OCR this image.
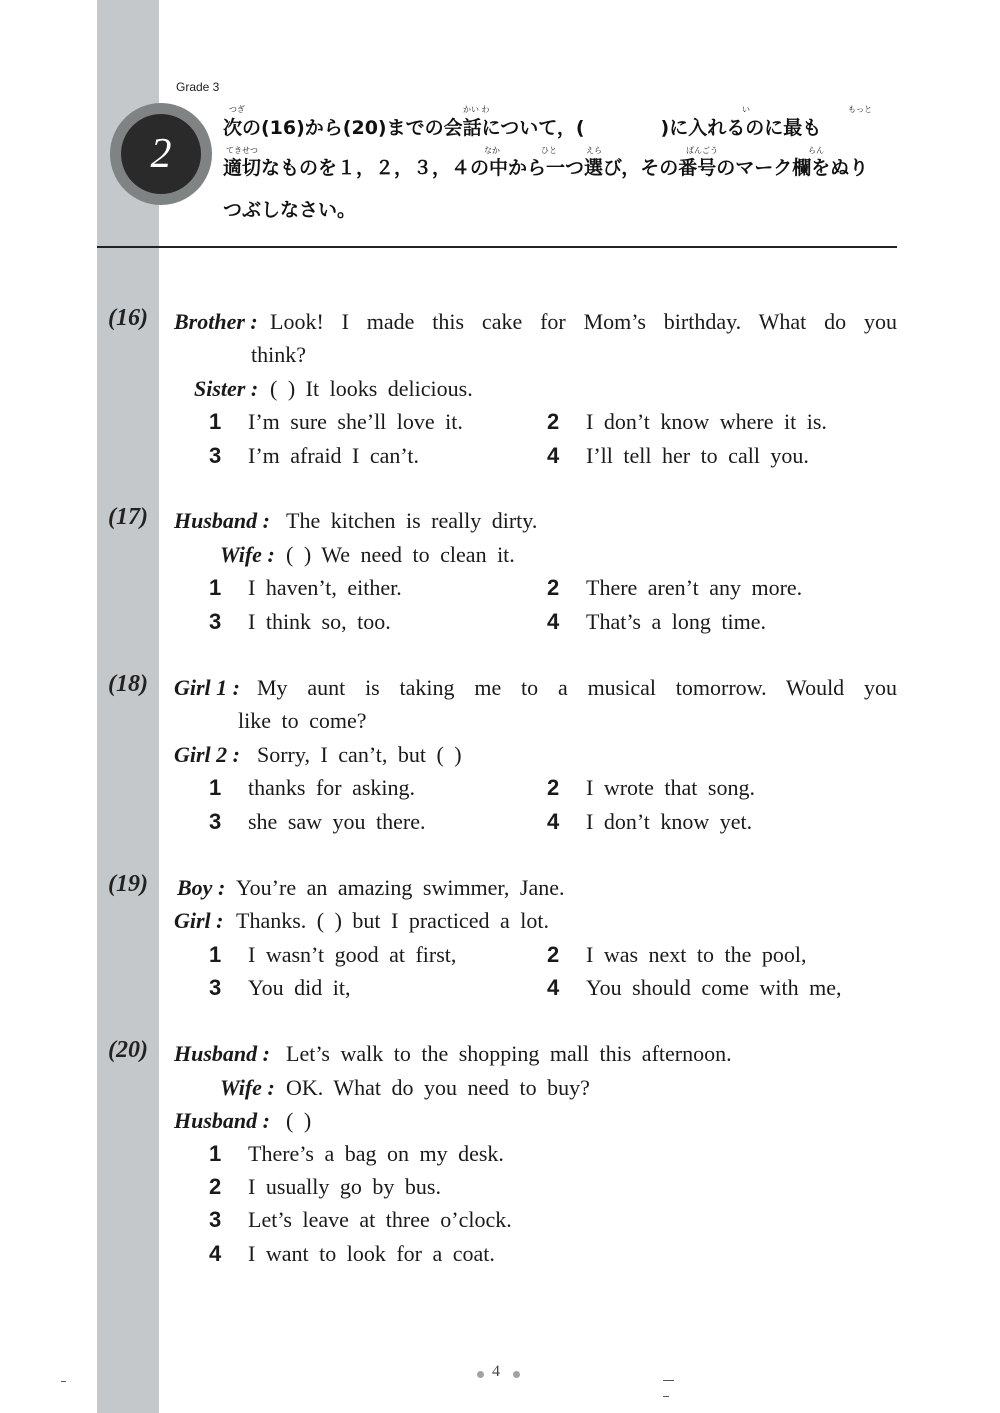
Grade 3
2
つぎ	かい わ	い	もっと
てきせつ	なか	ひと	えら	ばんごう	らん
次の(16)から(20)までの会話について，(　　　　)に入れるのに最も
適切なものを１，２，３，４の中から一つ選び，その番号のマーク欄をぬり
つぶしなさい。
(16) Brother : Look! I made this cake for Mom’s birthday. What do you
think?
Sister : ( ) It looks delicious.
1 I’m sure she’ll love it.	2 I don’t know where it is.
3 I’m afraid I can’t.	4 I’ll tell her to call you.
(17) Husband : The kitchen is really dirty.
Wife : ( ) We need to clean it.
1 I haven’t, either.	2 There aren’t any more.
3 I think so, too.	4 That’s a long time.
(18) Girl 1 : My aunt is taking me to a musical tomorrow. Would you
like to come?
Girl 2 : Sorry, I can’t, but ( )
1 thanks for asking.	2 I wrote that song.
3 she saw you there.	4 I don’t know yet.
(19) Boy : You’re an amazing swimmer, Jane.
Girl : Thanks. ( ) but I practiced a lot.
1 I wasn’t good at first,	2 I was next to the pool,
3 You did it,	4 You should come with me,
(20) Husband : Let’s walk to the shopping mall this afternoon.
Wife : OK. What do you need to buy?
Husband : ( )
1 There’s a bag on my desk.
2 I usually go by bus.
3 Let’s leave at three o’clock.
4 I want to look for a coat.
4
